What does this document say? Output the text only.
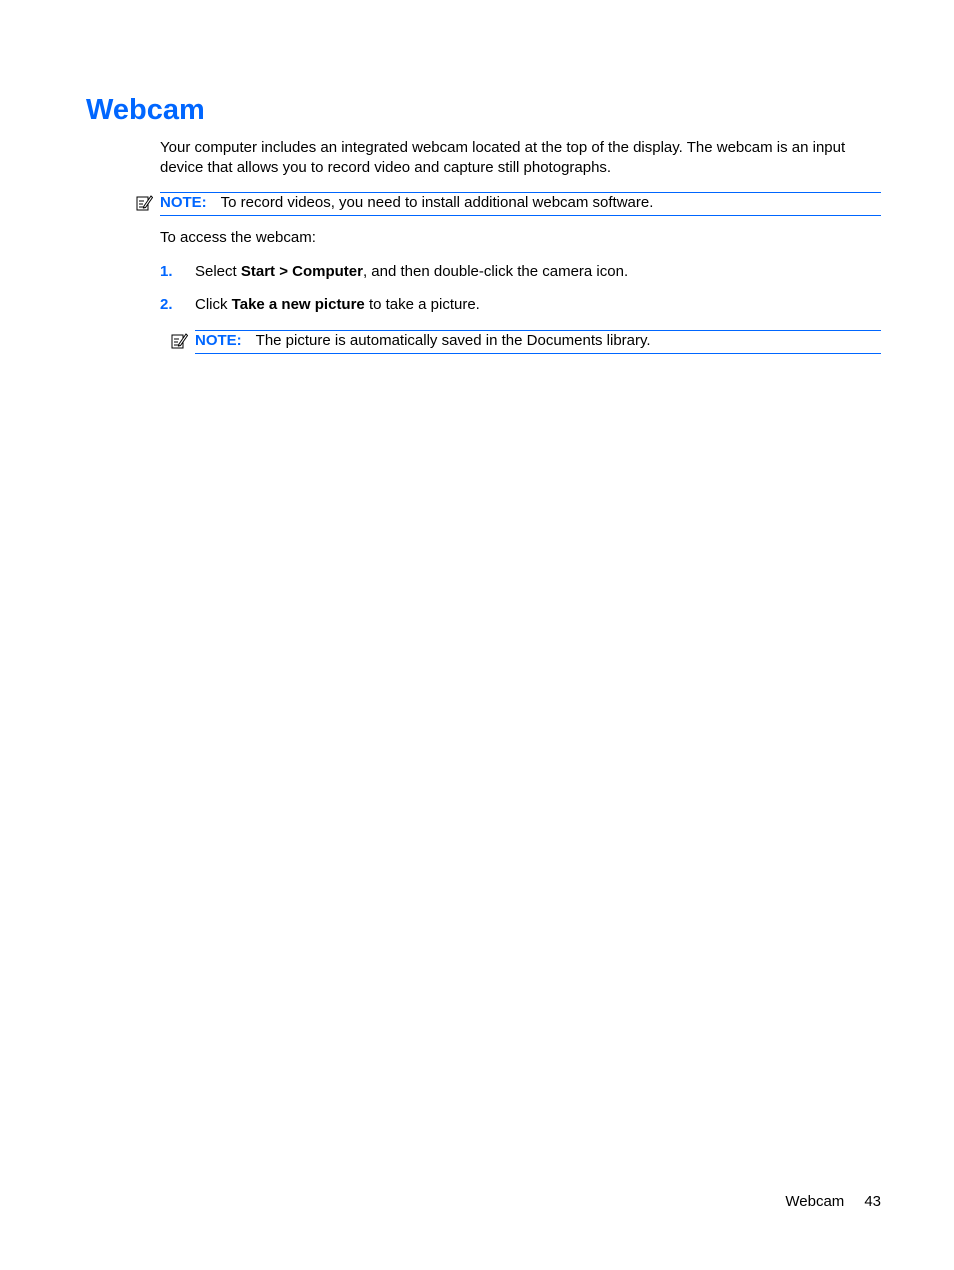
Webcam

Your computer includes an integrated webcam located at the top of the display. The webcam is an input device that allows you to record video and capture still photographs.

NOTE: To record videos, you need to install additional webcam software.

To access the webcam:

1. Select Start > Computer, and then double-click the camera icon.
2. Click Take a new picture to take a picture.
NOTE: The picture is automatically saved in the Documents library.
Webcam 43
